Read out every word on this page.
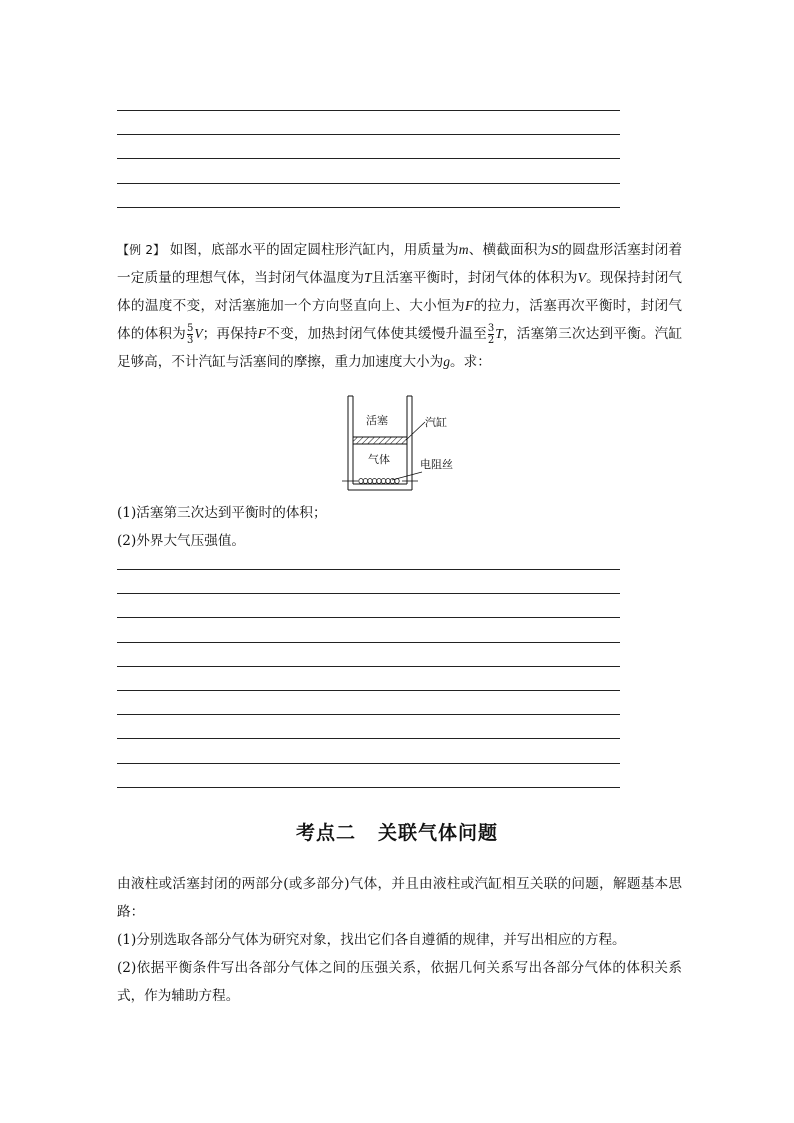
【例 2】 如图，底部水平的固定圆柱形汽缸内，用质量为m、横截面积为S的圆盘形活塞封闭着一定质量的理想气体，当封闭气体温度为T且活塞平衡时，封闭气体的体积为V。现保持封闭气体的温度不变，对活塞施加一个方向竖直向上、大小恒为F的拉力，活塞再次平衡时，封闭气体的体积为 $\frac{5}{3}$ V；再保持F不变，加热封闭气体使其缓慢升温至 $\frac{3}{2}$ T，活塞第三次达到平衡。汽缸足够高，不计汽缸与活塞间的摩擦，重力加速度大小为g。求：
活塞
气体
汽缸
电阻丝
(1)活塞第三次达到平衡时的体积；
(2)外界大气压强值。
考点二 关联气体问题
由液柱或活塞封闭的两部分(或多部分)气体，并且由液柱或汽缸相互关联的问题，解题基本思路：
(1)分别选取各部分气体为研究对象，找出它们各自遵循的规律，并写出相应的方程。
(2)依据平衡条件写出各部分气体之间的压强关系，依据几何关系写出各部分气体的体积关系式，作为辅助方程。
